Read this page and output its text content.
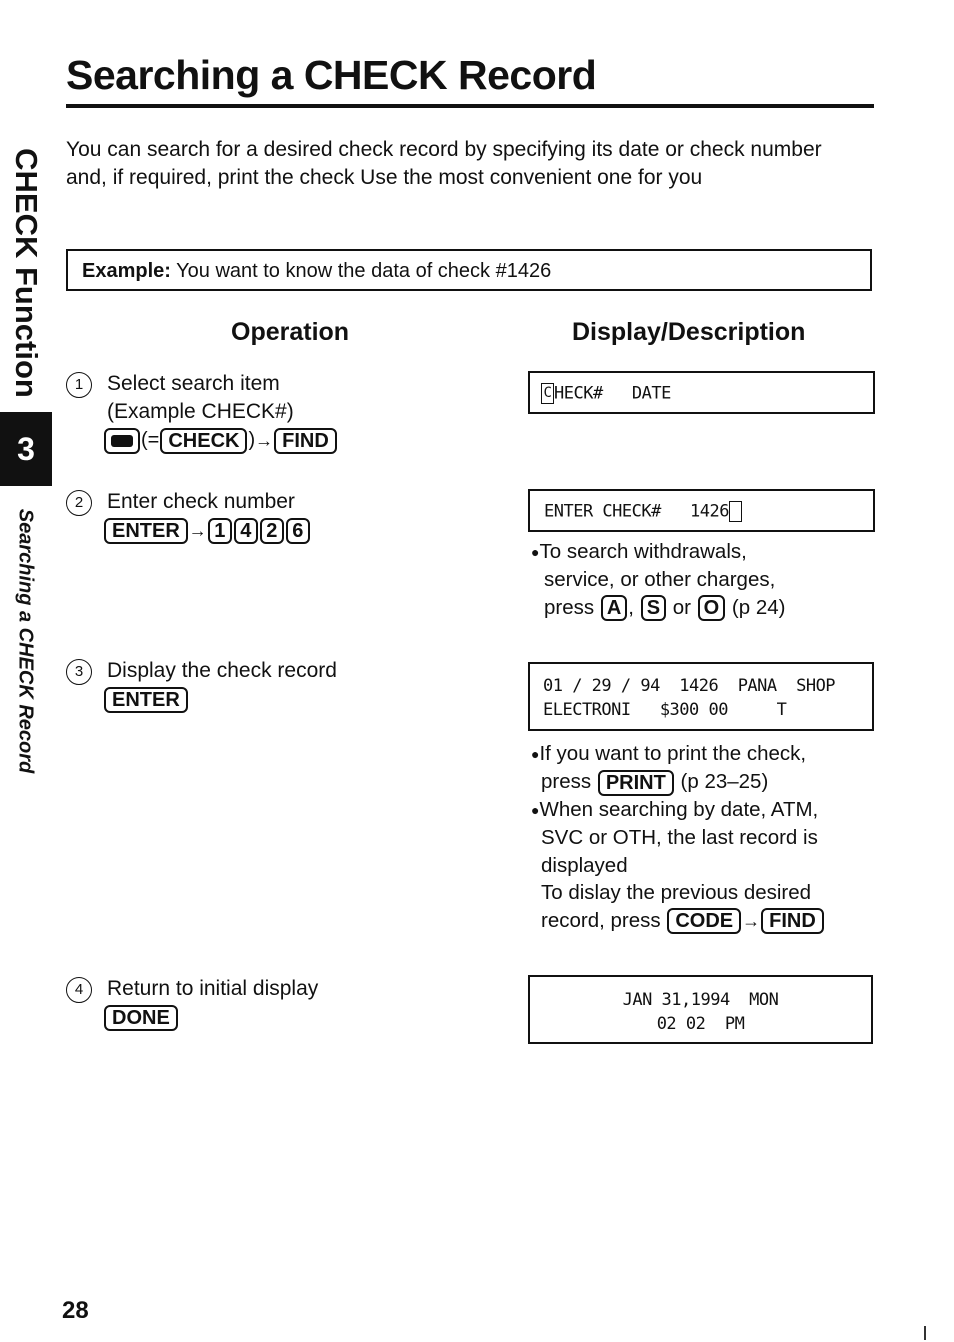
Searching a CHECK Record
CHECK Function
3
Searching a CHECK Record
You can search for a desired check record by specifying its date or check number and, if required, print the check Use the most convenient one for you
Example: You want to know the data of check #1426
Operation	Display/Description
1	Select search item
(Example CHECK#)
(= CHECK )→ FIND
C HECK#   DATE
2	Enter check number
ENTER → 1 4 2 6
ENTER CHECK#   1426
●To search withdrawals,
service, or other charges,
press A , S or O (p 24)
3	Display the check record
ENTER
01 / 29 / 94  1426  PANA  SHOP
ELECTRONI   $300 00     T
●If you want to print the check,
press PRINT (p 23–25)
●When searching by date, ATM,
SVC or OTH, the last record is
displayed
To dislay the previous desired
record, press CODE → FIND
4	Return to initial display
DONE
JAN 31,1994  MON
02 02  PM
28
